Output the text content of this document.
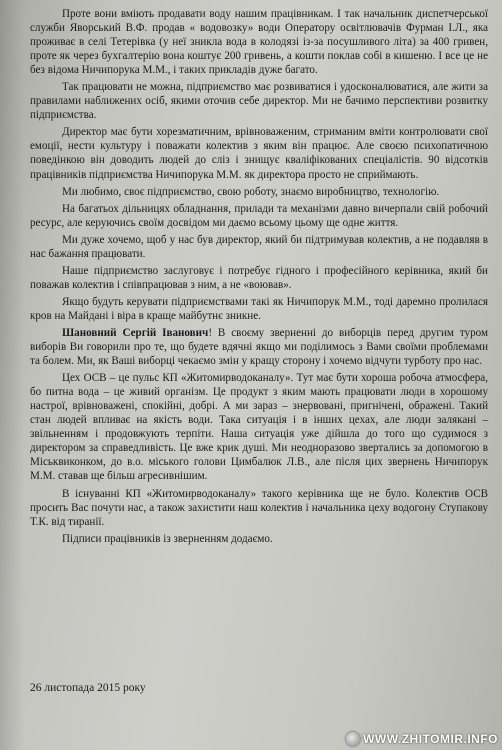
Проте вони вміють продавати воду нашим працівникам. І так начальник диспетчерської служби Яворський В.Ф. продав « водовозку» води Оператору освітлювачів Фурман І.Л., яка проживає в селі Тетерівка (у неї зникла вода в колодязі із-за посушливого літа) за 400 гривен, проте як через бухгалтерію вона коштує 200 гривень, а кошти поклав собі в кишеню. І все це не без відома Ничипорука М.М., і таких прикладів дуже багато.

Так працювати не можна, підприємство має розвиватися і удосконалюватися, але жити за правилами наближених осіб, якими оточив себе директор. Ми не бачимо перспективи розвитку підприємства.

Директор має бути хорезматичним, врівноваженим, стриманим вміти контролювати свої емоції, нести культуру і поважати колектив з яким він працює. Але своєю психопатичною поведінкою він доводить людей до сліз і знищує кваліфікованих спеціалістів. 90 відсотків працівників підприємства Ничипорука М.М. як директора просто не сприймають.

Ми любимо, своє підприємство, свою роботу, знаємо виробництво, технологію.

На багатьох дільницях обладнання, прилади та механізми давно вичерпали свій робочий ресурс, але керуючись своїм досвідом ми даємо всьому цьому ще одне життя.

Ми дуже хочемо, щоб у нас був директор, який би підтримував колектив, а не подавляв в нас бажання працювати.

Наше підприємство заслуговує і потребує гідного і професійного керівника, який би поважав колектив і співпрацював з ним, а не «воював».

Якщо будуть керувати підприємствами такі як Ничипорук М.М., тоді даремно пролилася кров на Майдані і віра в краще майбутнє зникне.

Шановний Сергій Іванович! В своєму зверненні до виборців перед другим туром виборів Ви говорили про те, що будете вдячні якщо ми поділимось з Вами своїми проблемами та болем. Ми, як Ваші виборці чекаємо змін у кращу сторону і хочемо відчути турботу про нас.

Цех ОСВ – це пульс КП «Житомирводоканалу». Тут має бути хороша робоча атмосфера, бо питна вода – це живий організм. Це продукт з яким мають працювати люди в хорошому настрої, врівноважені, спокійні, добрі. А ми зараз – знервовані, пригнічені, ображені. Такий стан людей впливає на якість води. Така ситуація і в інших цехах, але люди залякані – звільненням і продовжують терпіти. Наша ситуація уже дійшла до того що судимося з директором за справедливість. Це вже крик душі. Ми неодноразово звертались за допомогою в Міськвиконком, до в.о. міського голови Цимбалюк Л.В., але після цих звернень Ничипорук М.М. ставав ще більш агресивнішим.

В існуванні КП «Житомирводоканалу» такого керівника ще не було. Колектив ОСВ просить Вас почути нас, а також захистити наш колектив і начальника цеху водогону Ступакову Т.К. від тиранії.

Підписи працівників із зверненням додаємо.

26 листопада 2015 року
WWW.ZHITOMIR.INFO
